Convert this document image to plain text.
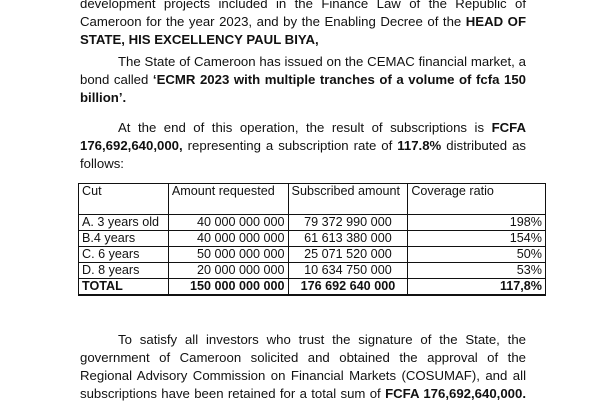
development projects included in the Finance Law of the Republic of
Cameroon for the year 2023, and by the Enabling Decree of the HEAD OF
STATE, HIS EXCELLENCY PAUL BIYA,

The State of Cameroon has issued on the CEMAC financial market, a
bond called ‘ECMR 2023 with multiple tranches of a volume of fcfa 150
billion’.

At the end of this operation, the result of subscriptions is FCFA
176,692,640,000, representing a subscription rate of 117.8% distributed as
follows:

Cut	Amount requested	Subscribed amount	Coverage ratio
A. 3 years old	40 000 000 000	79 372 990 000	198%
B.4 years	40 000 000 000	61 613 380 000	154%
C. 6 years	50 000 000 000	25 071 520 000	50%
D. 8 years	20 000 000 000	10 634 750 000	53%
TOTAL	150 000 000 000	176 692 640 000	117,8%

To satisfy all investors who trust the signature of the State, the
government of Cameroon solicited and obtained the approval of the
Regional Advisory Commission on Financial Markets (COSUMAF), and all
subscriptions have been retained for a total sum of FCFA 176,692,640,000.
